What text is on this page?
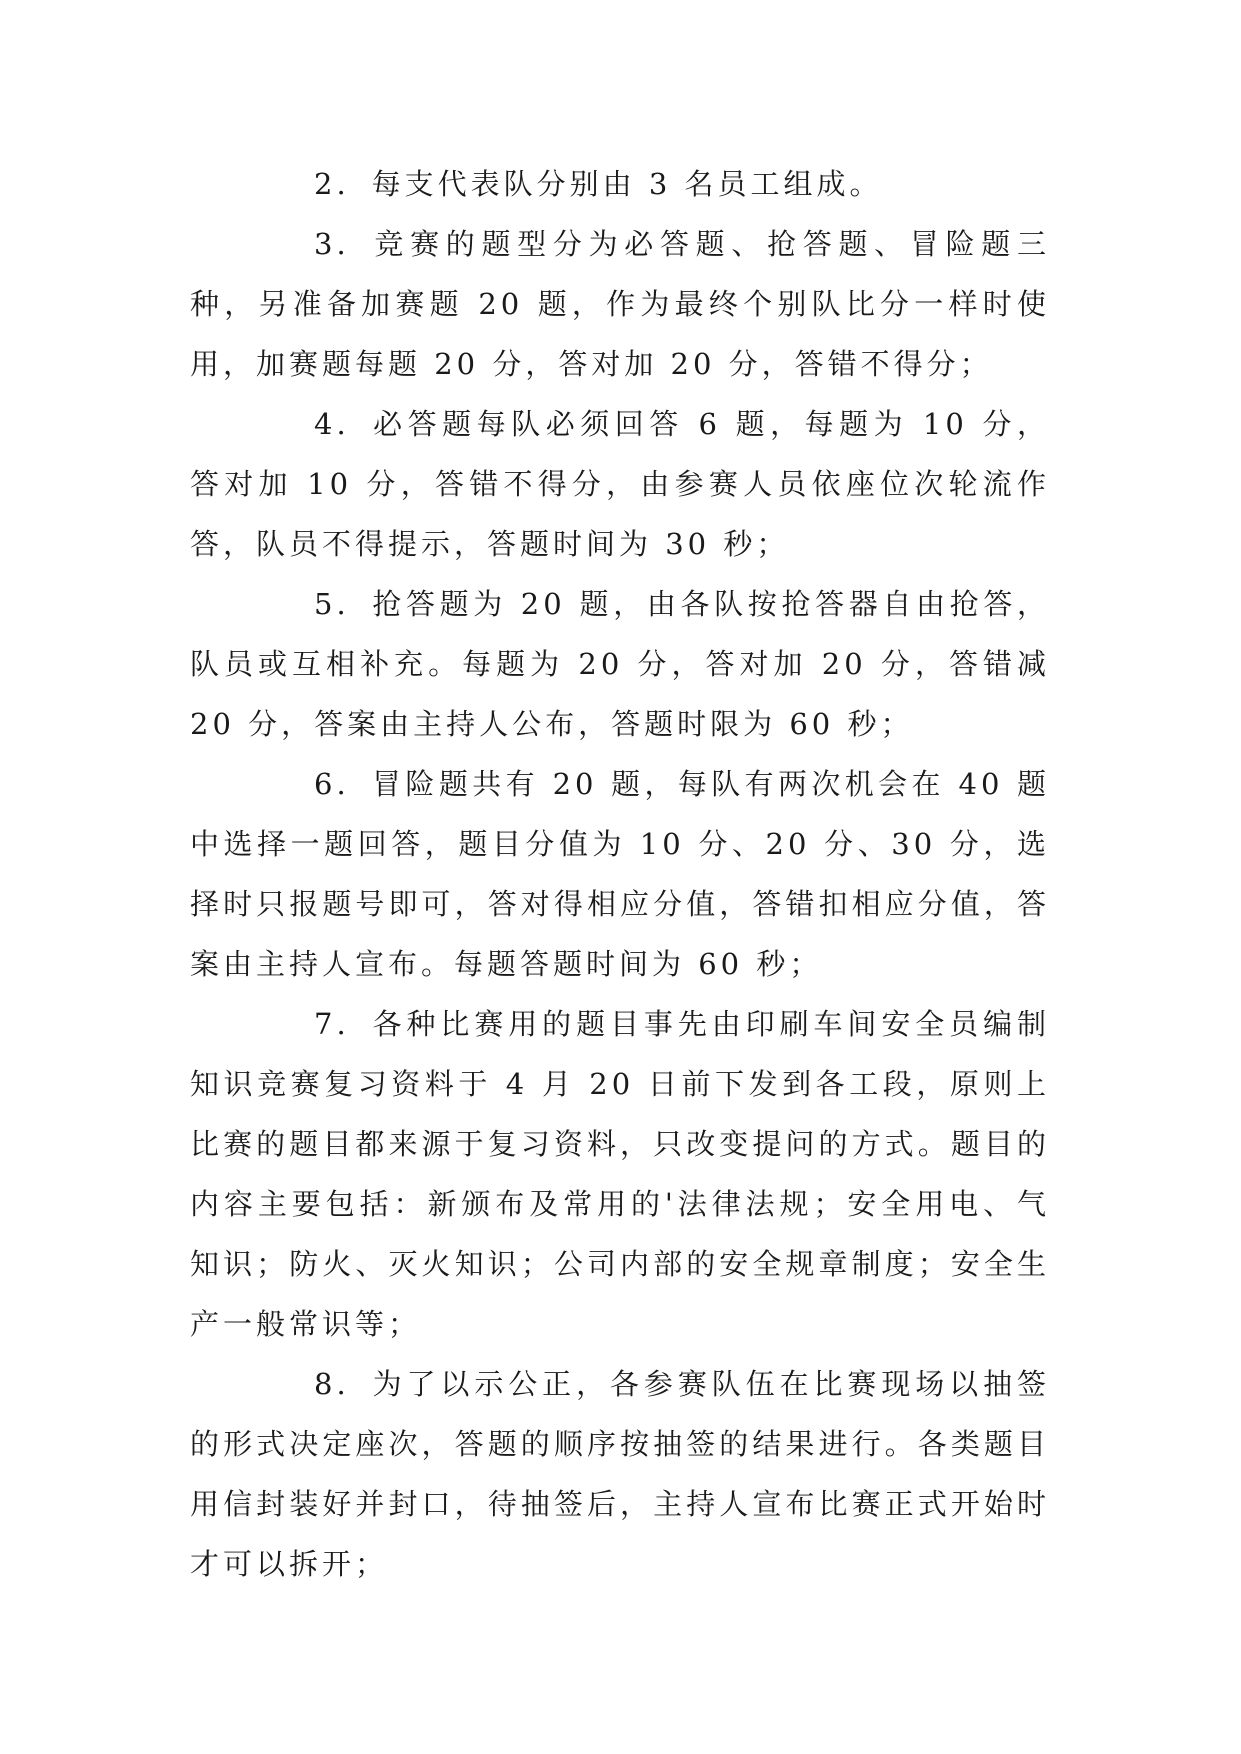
2. 每支代表队分别由 3 名员工组成。

3. 竞赛的题型分为必答题、抢答题、冒险题三种，另准备加赛题 20 题，作为最终个别队比分一样时使用，加赛题每题 20 分，答对加 20 分，答错不得分；

4. 必答题每队必须回答 6 题，每题为 10 分，答对加 10 分，答错不得分，由参赛人员依座位次轮流作答，队员不得提示，答题时间为 30 秒；

5. 抢答题为 20 题，由各队按抢答器自由抢答，队员或互相补充。每题为 20 分，答对加 20 分，答错减 20 分，答案由主持人公布，答题时限为 60 秒；

6. 冒险题共有 20 题，每队有两次机会在 40 题中选择一题回答，题目分值为 10 分、20 分、30 分，选择时只报题号即可，答对得相应分值，答错扣相应分值，答案由主持人宣布。每题答题时间为 60 秒；

7. 各种比赛用的题目事先由印刷车间安全员编制知识竞赛复习资料于 4 月 20 日前下发到各工段，原则上比赛的题目都来源于复习资料，只改变提问的方式。题目的内容主要包括：新颁布及常用的'法律法规；安全用电、气知识；防火、灭火知识；公司内部的安全规章制度；安全生产一般常识等；

8. 为了以示公正，各参赛队伍在比赛现场以抽签的形式决定座次，答题的顺序按抽签的结果进行。各类题目用信封装好并封口，待抽签后，主持人宣布比赛正式开始时才可以拆开；
